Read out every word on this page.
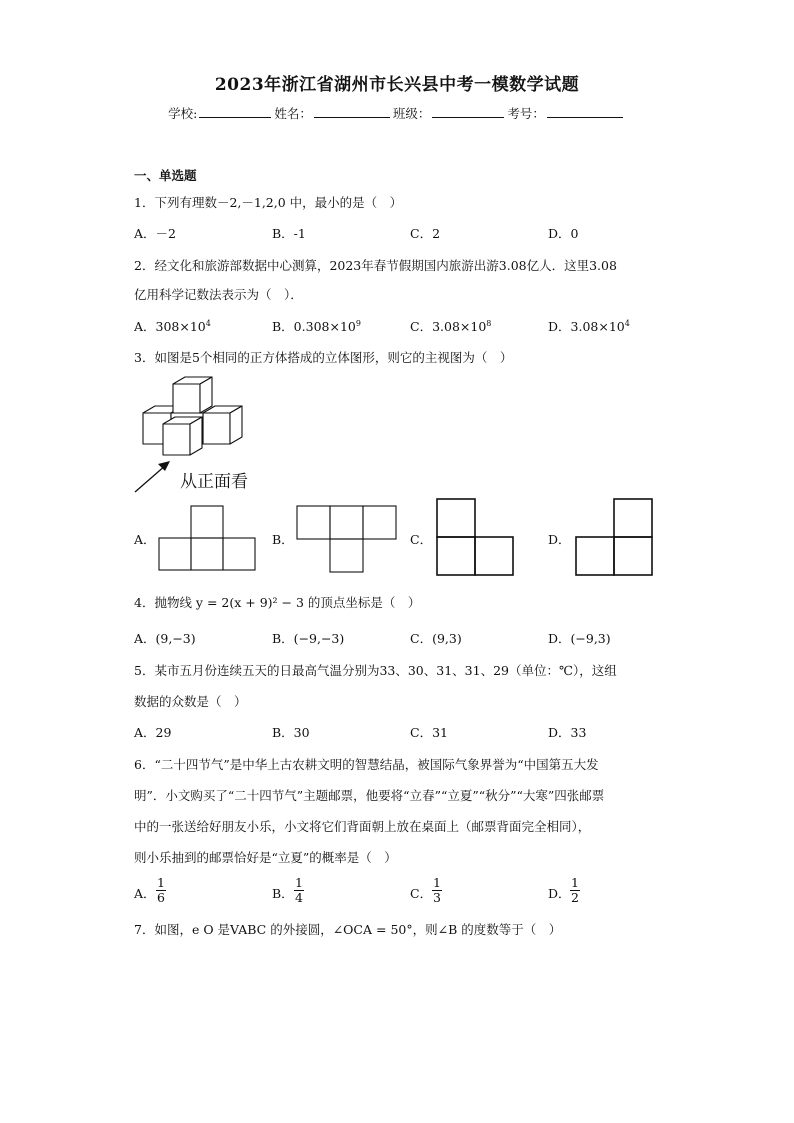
2023年浙江省湖州市长兴县中考一模数学试题
学校:	姓名：	班级：	考号：
一、单选题
1．下列有理数－2,－1,2,0 中，最小的是（　）
A．－2	B．-1	C．2	D．0
2．经文化和旅游部数据中心测算，2023年春节假期国内旅游出游3.08亿人．这里3.08
亿用科学记数法表示为（　）．
A．$308\times 10^4$	B．$0.308\times 10^9$	C．$3.08\times 10^8$	D．$3.08\times 10^4$
3．如图是5个相同的正方体搭成的立体图形，则它的主视图为（　）
从正面看
A．	B．	C．	D．
4．抛物线 y = 2(x + 9)² − 3 的顶点坐标是（　）
A．(9,−3)	B．(−9,−3)	C．(9,3)	D．(−9,3)
5．某市五月份连续五天的日最高气温分别为33、30、31、31、29（单位：℃），这组
数据的众数是（　）
A．29	B．30	C．31	D．33
6．“二十四节气”是中华上古农耕文明的智慧结晶，被国际气象界誉为“中国第五大发
明”．小文购买了“二十四节气”主题邮票，他要将“立春”“立夏”“秋分”“大寒”四张邮票
中的一张送给好朋友小乐，小文将它们背面朝上放在桌面上（邮票背面完全相同），
则小乐抽到的邮票恰好是“立夏”的概率是（　）
A． $\frac{1}{6}$	B． $\frac{1}{4}$	C． $\frac{1}{3}$	D． $\frac{1}{2}$
7．如图，e O 是VABC 的外接圆，∠OCA = 50°，则∠B 的度数等于（　）
